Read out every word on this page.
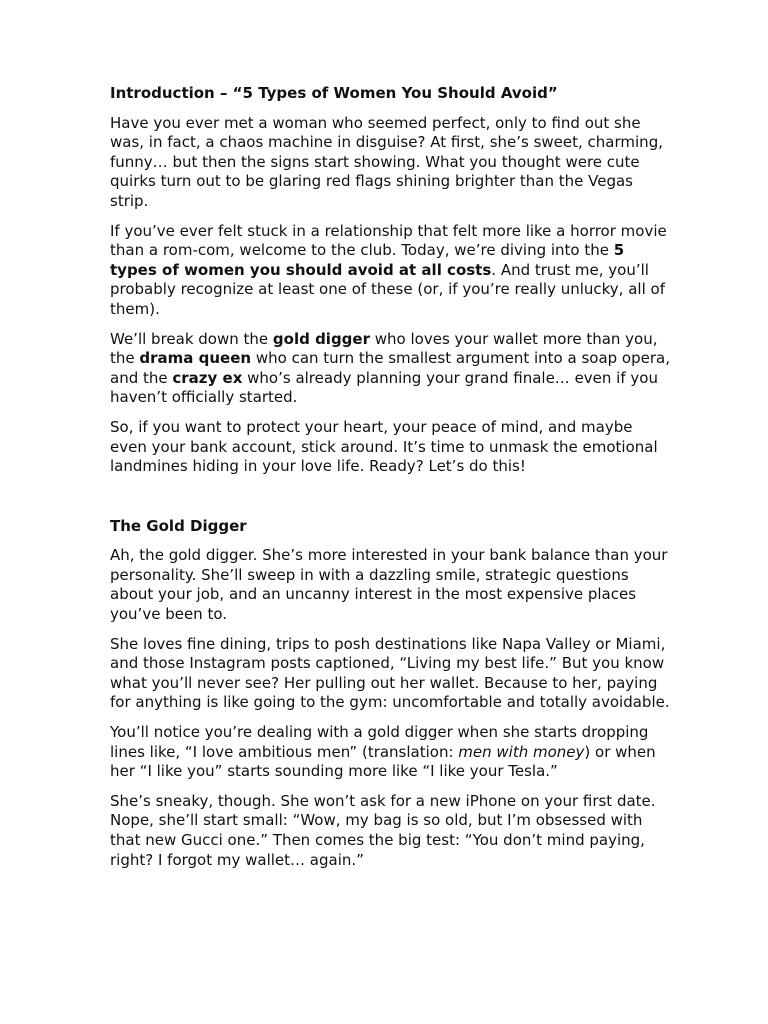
Introduction – “5 Types of Women You Should Avoid”

Have you ever met a woman who seemed perfect, only to find out she was, in fact, a chaos machine in disguise? At first, she’s sweet, charming, funny… but then the signs start showing. What you thought were cute quirks turn out to be glaring red flags shining brighter than the Vegas strip.

If you’ve ever felt stuck in a relationship that felt more like a horror movie than a rom-com, welcome to the club. Today, we’re diving into the 5 types of women you should avoid at all costs. And trust me, you’ll probably recognize at least one of these (or, if you’re really unlucky, all of them).

We’ll break down the gold digger who loves your wallet more than you, the drama queen who can turn the smallest argument into a soap opera, and the crazy ex who’s already planning your grand finale… even if you haven’t officially started.

So, if you want to protect your heart, your peace of mind, and maybe even your bank account, stick around. It’s time to unmask the emotional landmines hiding in your love life. Ready? Let’s do this!

The Gold Digger

Ah, the gold digger. She’s more interested in your bank balance than your personality. She’ll sweep in with a dazzling smile, strategic questions about your job, and an uncanny interest in the most expensive places you’ve been to.

She loves fine dining, trips to posh destinations like Napa Valley or Miami, and those Instagram posts captioned, “Living my best life.” But you know what you’ll never see? Her pulling out her wallet. Because to her, paying for anything is like going to the gym: uncomfortable and totally avoidable.

You’ll notice you’re dealing with a gold digger when she starts dropping lines like, “I love ambitious men” (translation: men with money) or when her “I like you” starts sounding more like “I like your Tesla.”

She’s sneaky, though. She won’t ask for a new iPhone on your first date. Nope, she’ll start small: “Wow, my bag is so old, but I’m obsessed with that new Gucci one.” Then comes the big test: “You don’t mind paying, right? I forgot my wallet… again.”
